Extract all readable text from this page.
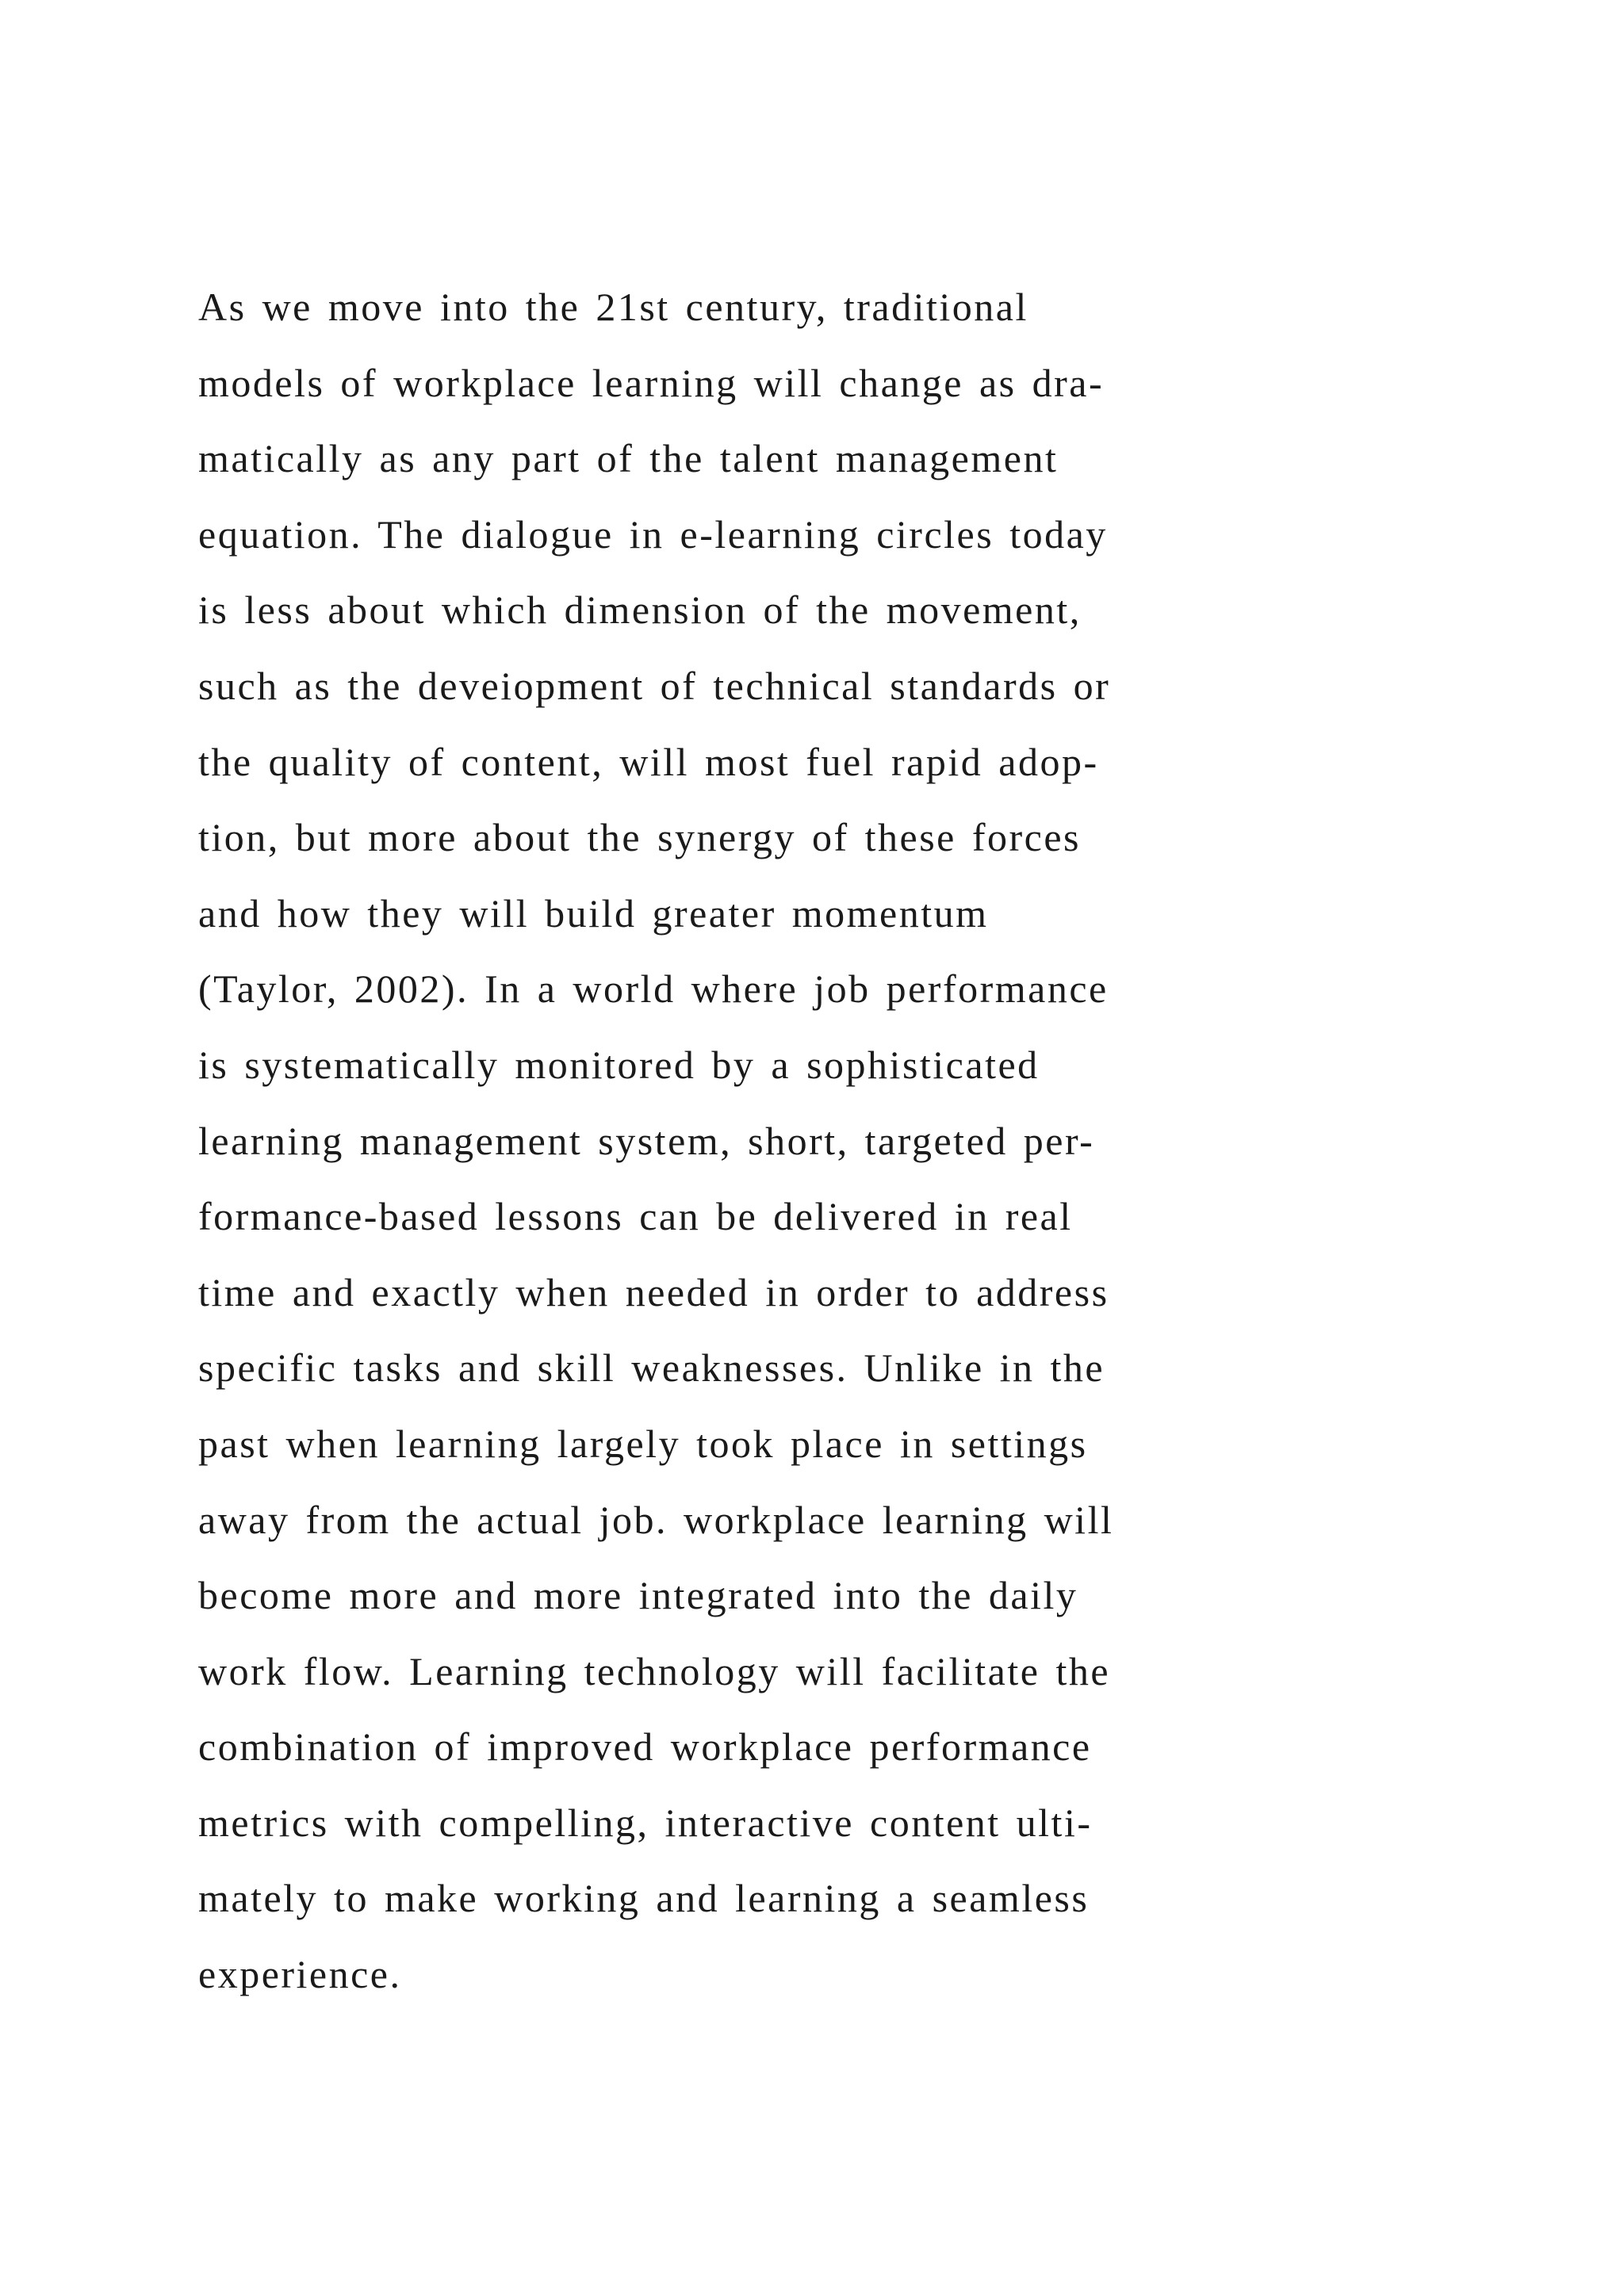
As we move into the 21st century, traditional
models of workplace learning will change as dra-
matically as any part of the talent management
equation. The dialogue in e-learning circles today
is less about which dimension of the movement,
such as the deveiopment of technical standards or
the quality of content, will most fuel rapid adop-
tion, but more about the synergy of these forces
and how they will build greater momentum
(Taylor, 2002). In a world where job performance
is systematically monitored by a sophisticated
learning management system, short, targeted per-
formance-based lessons can be delivered in real
time and exactly when needed in order to address
specific tasks and skill weaknesses. Unlike in the
past when learning largely took place in settings
away from the actual job. workplace learning will
become more and more integrated into the daily
work flow. Learning technology will facilitate the
combination of improved workplace performance
metrics with compelling, interactive content ulti-
mately to make working and learning a seamless
experience.
